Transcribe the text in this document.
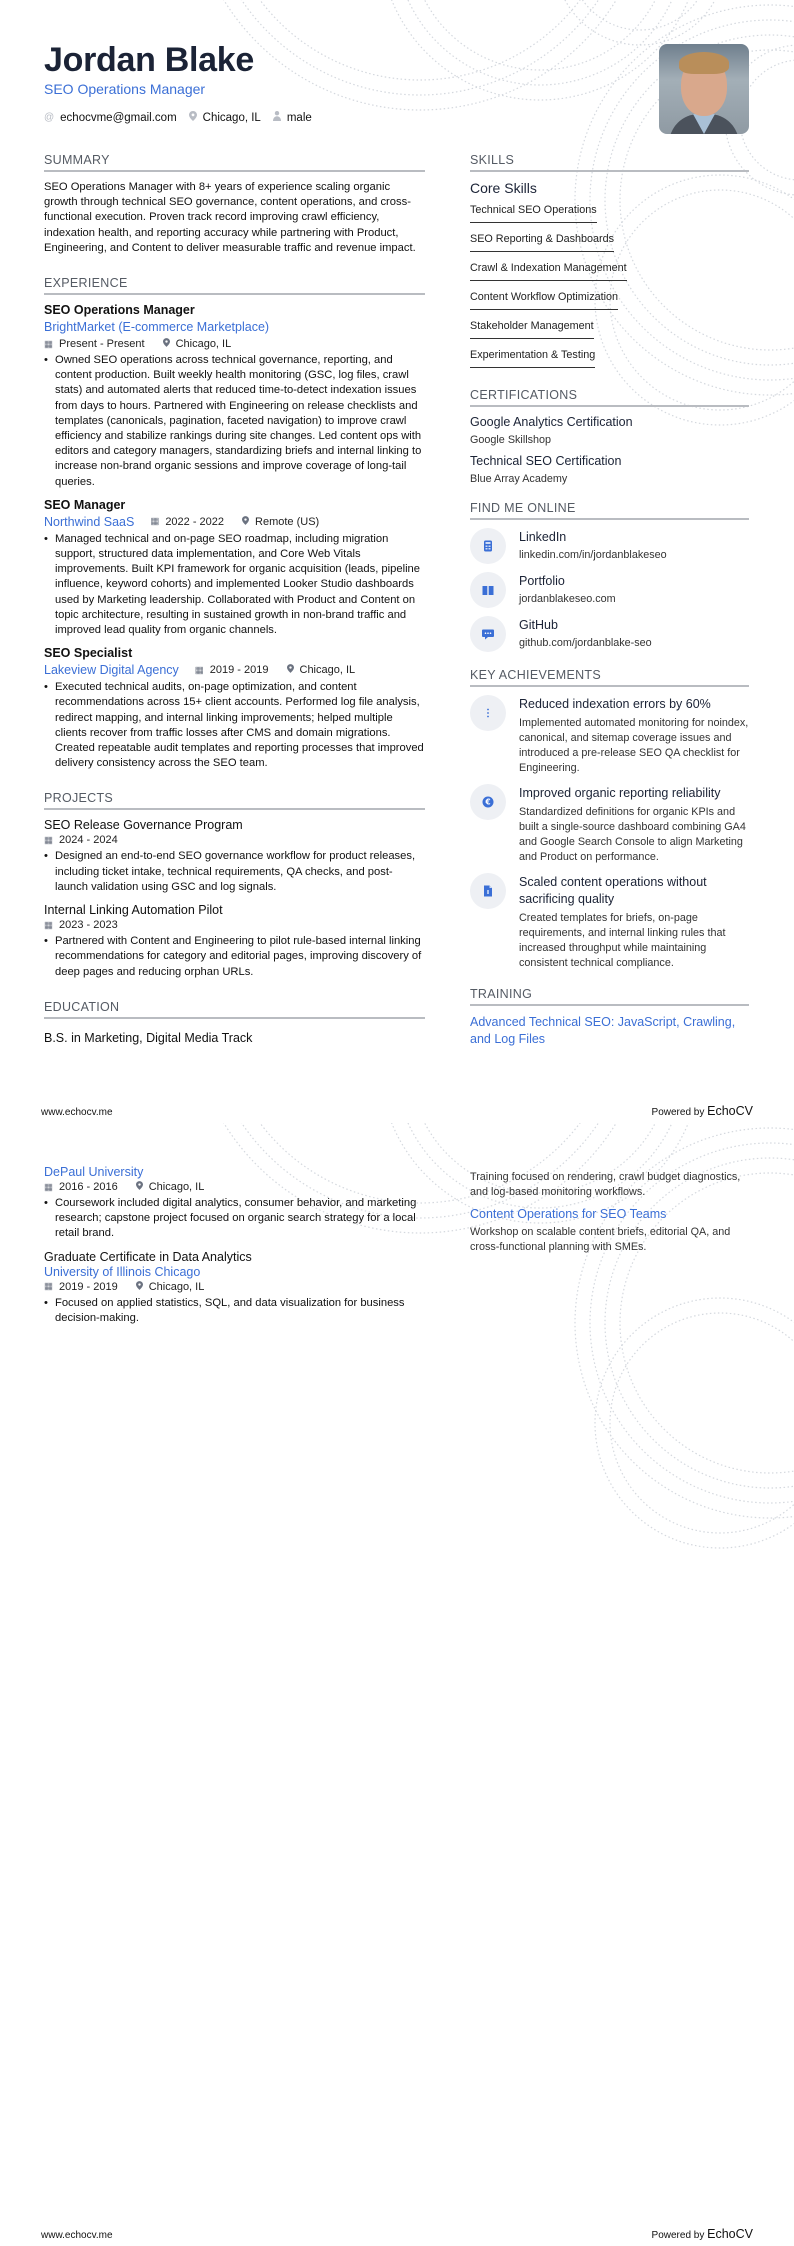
Jordan Blake
SEO Operations Manager
@ echocvme@gmail.com Chicago, IL male
SUMMARY
SEO Operations Manager with 8+ years of experience scaling organic growth through technical SEO governance, content operations, and cross-functional execution. Proven track record improving crawl efficiency, indexation health, and reporting accuracy while partnering with Product, Engineering, and Content to deliver measurable traffic and revenue impact.
EXPERIENCE
SEO Operations Manager
BrightMarket (E-commerce Marketplace)
▦ Present - Present	Chicago, IL
• Owned SEO operations across technical governance, reporting, and content production. Built weekly health monitoring (GSC, log files, crawl stats) and automated alerts that reduced time-to-detect indexation issues from days to hours. Partnered with Engineering on release checklists and templates (canonicals, pagination, faceted navigation) to improve crawl efficiency and stabilize rankings during site changes. Led content ops with editors and category managers, standardizing briefs and internal linking to increase non-brand organic sessions and improve coverage of long-tail queries.
SEO Manager
Northwind SaaS ▦ 2022 - 2022	Remote (US)
• Managed technical and on-page SEO roadmap, including migration support, structured data implementation, and Core Web Vitals improvements. Built KPI framework for organic acquisition (leads, pipeline influence, keyword cohorts) and implemented Looker Studio dashboards used by Marketing leadership. Collaborated with Product and Content on topic architecture, resulting in sustained growth in non-brand traffic and improved lead quality from organic channels.
SEO Specialist
Lakeview Digital Agency ▦ 2019 - 2019	Chicago, IL
• Executed technical audits, on-page optimization, and content recommendations across 15+ client accounts. Performed log file analysis, redirect mapping, and internal linking improvements; helped multiple clients recover from traffic losses after CMS and domain migrations. Created repeatable audit templates and reporting processes that improved delivery consistency across the SEO team.
PROJECTS
SEO Release Governance Program
▦ 2024 - 2024
• Designed an end-to-end SEO governance workflow for product releases, including ticket intake, technical requirements, QA checks, and post-launch validation using GSC and log signals.
Internal Linking Automation Pilot
▦ 2023 - 2023
• Partnered with Content and Engineering to pilot rule-based internal linking recommendations for category and editorial pages, improving discovery of deep pages and reducing orphan URLs.
EDUCATION
B.S. in Marketing, Digital Media Track
SKILLS
Core Skills
Technical SEO Operations
SEO Reporting & Dashboards
Crawl & Indexation Management
Content Workflow Optimization
Stakeholder Management
Experimentation & Testing
CERTIFICATIONS
Google Analytics Certification
Google Skillshop
Technical SEO Certification
Blue Array Academy
FIND ME ONLINE
LinkedIn
linkedin.com/in/jordanblakeseo
Portfolio
jordanblakeseo.com
GitHub
github.com/jordanblake-seo
KEY ACHIEVEMENTS
Reduced indexation errors by 60%
Implemented automated monitoring for noindex, canonical, and sitemap coverage issues and introduced a pre-release SEO QA checklist for Engineering.
€
Improved organic reporting reliability
Standardized definitions for organic KPIs and built a single-source dashboard combining GA4 and Google Search Console to align Marketing and Product on performance.
Scaled content operations without sacrificing quality
Created templates for briefs, on-page requirements, and internal linking rules that increased throughput while maintaining consistent technical compliance.
TRAINING
Advanced Technical SEO: JavaScript, Crawling, and Log Files
www.echocv.me	Powered by EchoCV
DePaul University
▦ 2016 - 2016	Chicago, IL
• Coursework included digital analytics, consumer behavior, and marketing research; capstone project focused on organic search strategy for a local retail brand.
Graduate Certificate in Data Analytics
University of Illinois Chicago
▦ 2019 - 2019	Chicago, IL
• Focused on applied statistics, SQL, and data visualization for business decision-making.
Training focused on rendering, crawl budget diagnostics, and log-based monitoring workflows.
Content Operations for SEO Teams
Workshop on scalable content briefs, editorial QA, and cross-functional planning with SMEs.
www.echocv.me	Powered by EchoCV
